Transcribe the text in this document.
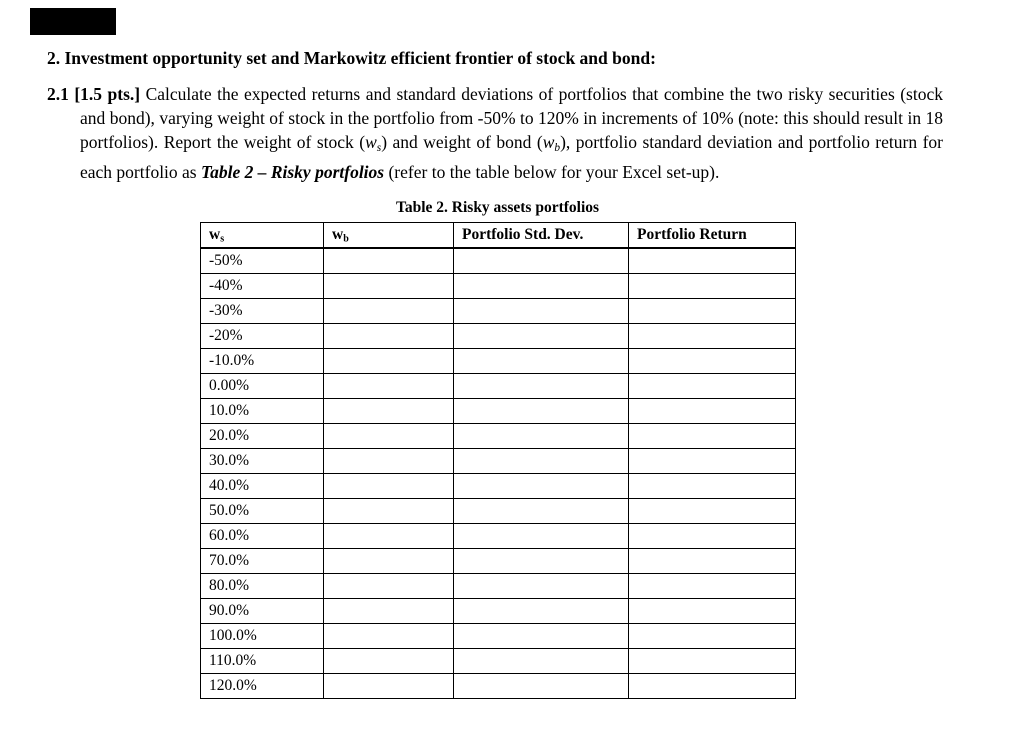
2. Investment opportunity set and Markowitz efficient frontier of stock and bond:
2.1 [1.5 pts.] Calculate the expected returns and standard deviations of portfolios that combine the two risky securities (stock and bond), varying weight of stock in the portfolio from -50% to 120% in increments of 10% (note: this should result in 18 portfolios). Report the weight of stock $(w_s)$ and weight of bond $(w_b)$, portfolio standard deviation and portfolio return for each portfolio as Table 2 – Risky portfolios (refer to the table below for your Excel set-up).
Table 2. Risky assets portfolios
$w_s$	$w_b$	Portfolio Std. Dev.	Portfolio Return
-50%			
-40%			
-30%			
-20%			
-10.0%			
0.00%			
10.0%			
20.0%			
30.0%			
40.0%			
50.0%			
60.0%			
70.0%			
80.0%			
90.0%			
100.0%			
110.0%			
120.0%			
